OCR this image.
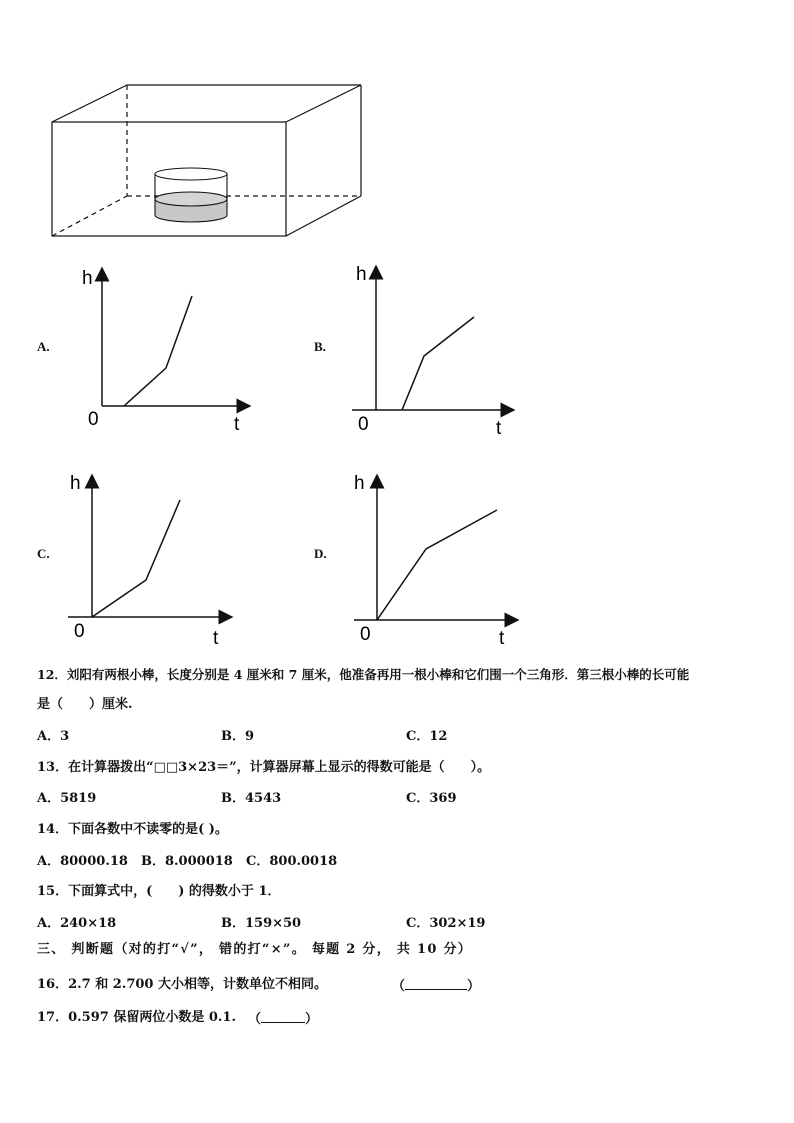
A.
h
t
0
B.
h
t
0
C.
h
t
0
D.
h
t
0
12．刘阳有两根小棒，长度分别是 4 厘米和 7 厘米，他准备再用一根小棒和它们围一个三角形．第三根小棒的长可能
是（　　）厘米.
A．3	B．9	C．12
13．在计算器拨出“□□3×23＝”，计算器屏幕上显示的得数可能是（　　）。
A．5819	B．4543	C．369
14．下面各数中不读零的是( )。
A．80000.18 B．8.000018 C．800.0018
15．下面算式中，(　　) 的得数小于 1．
A．240×18	B．159×50	C．302×19
三、 判断题（对的打“√”， 错的打“×”。 每题 2 分， 共 10 分）
16．2.7 和 2.700 大小相等，计数单位不相同。	（	）
17．0.597 保留两位小数是 0.1. （	）
